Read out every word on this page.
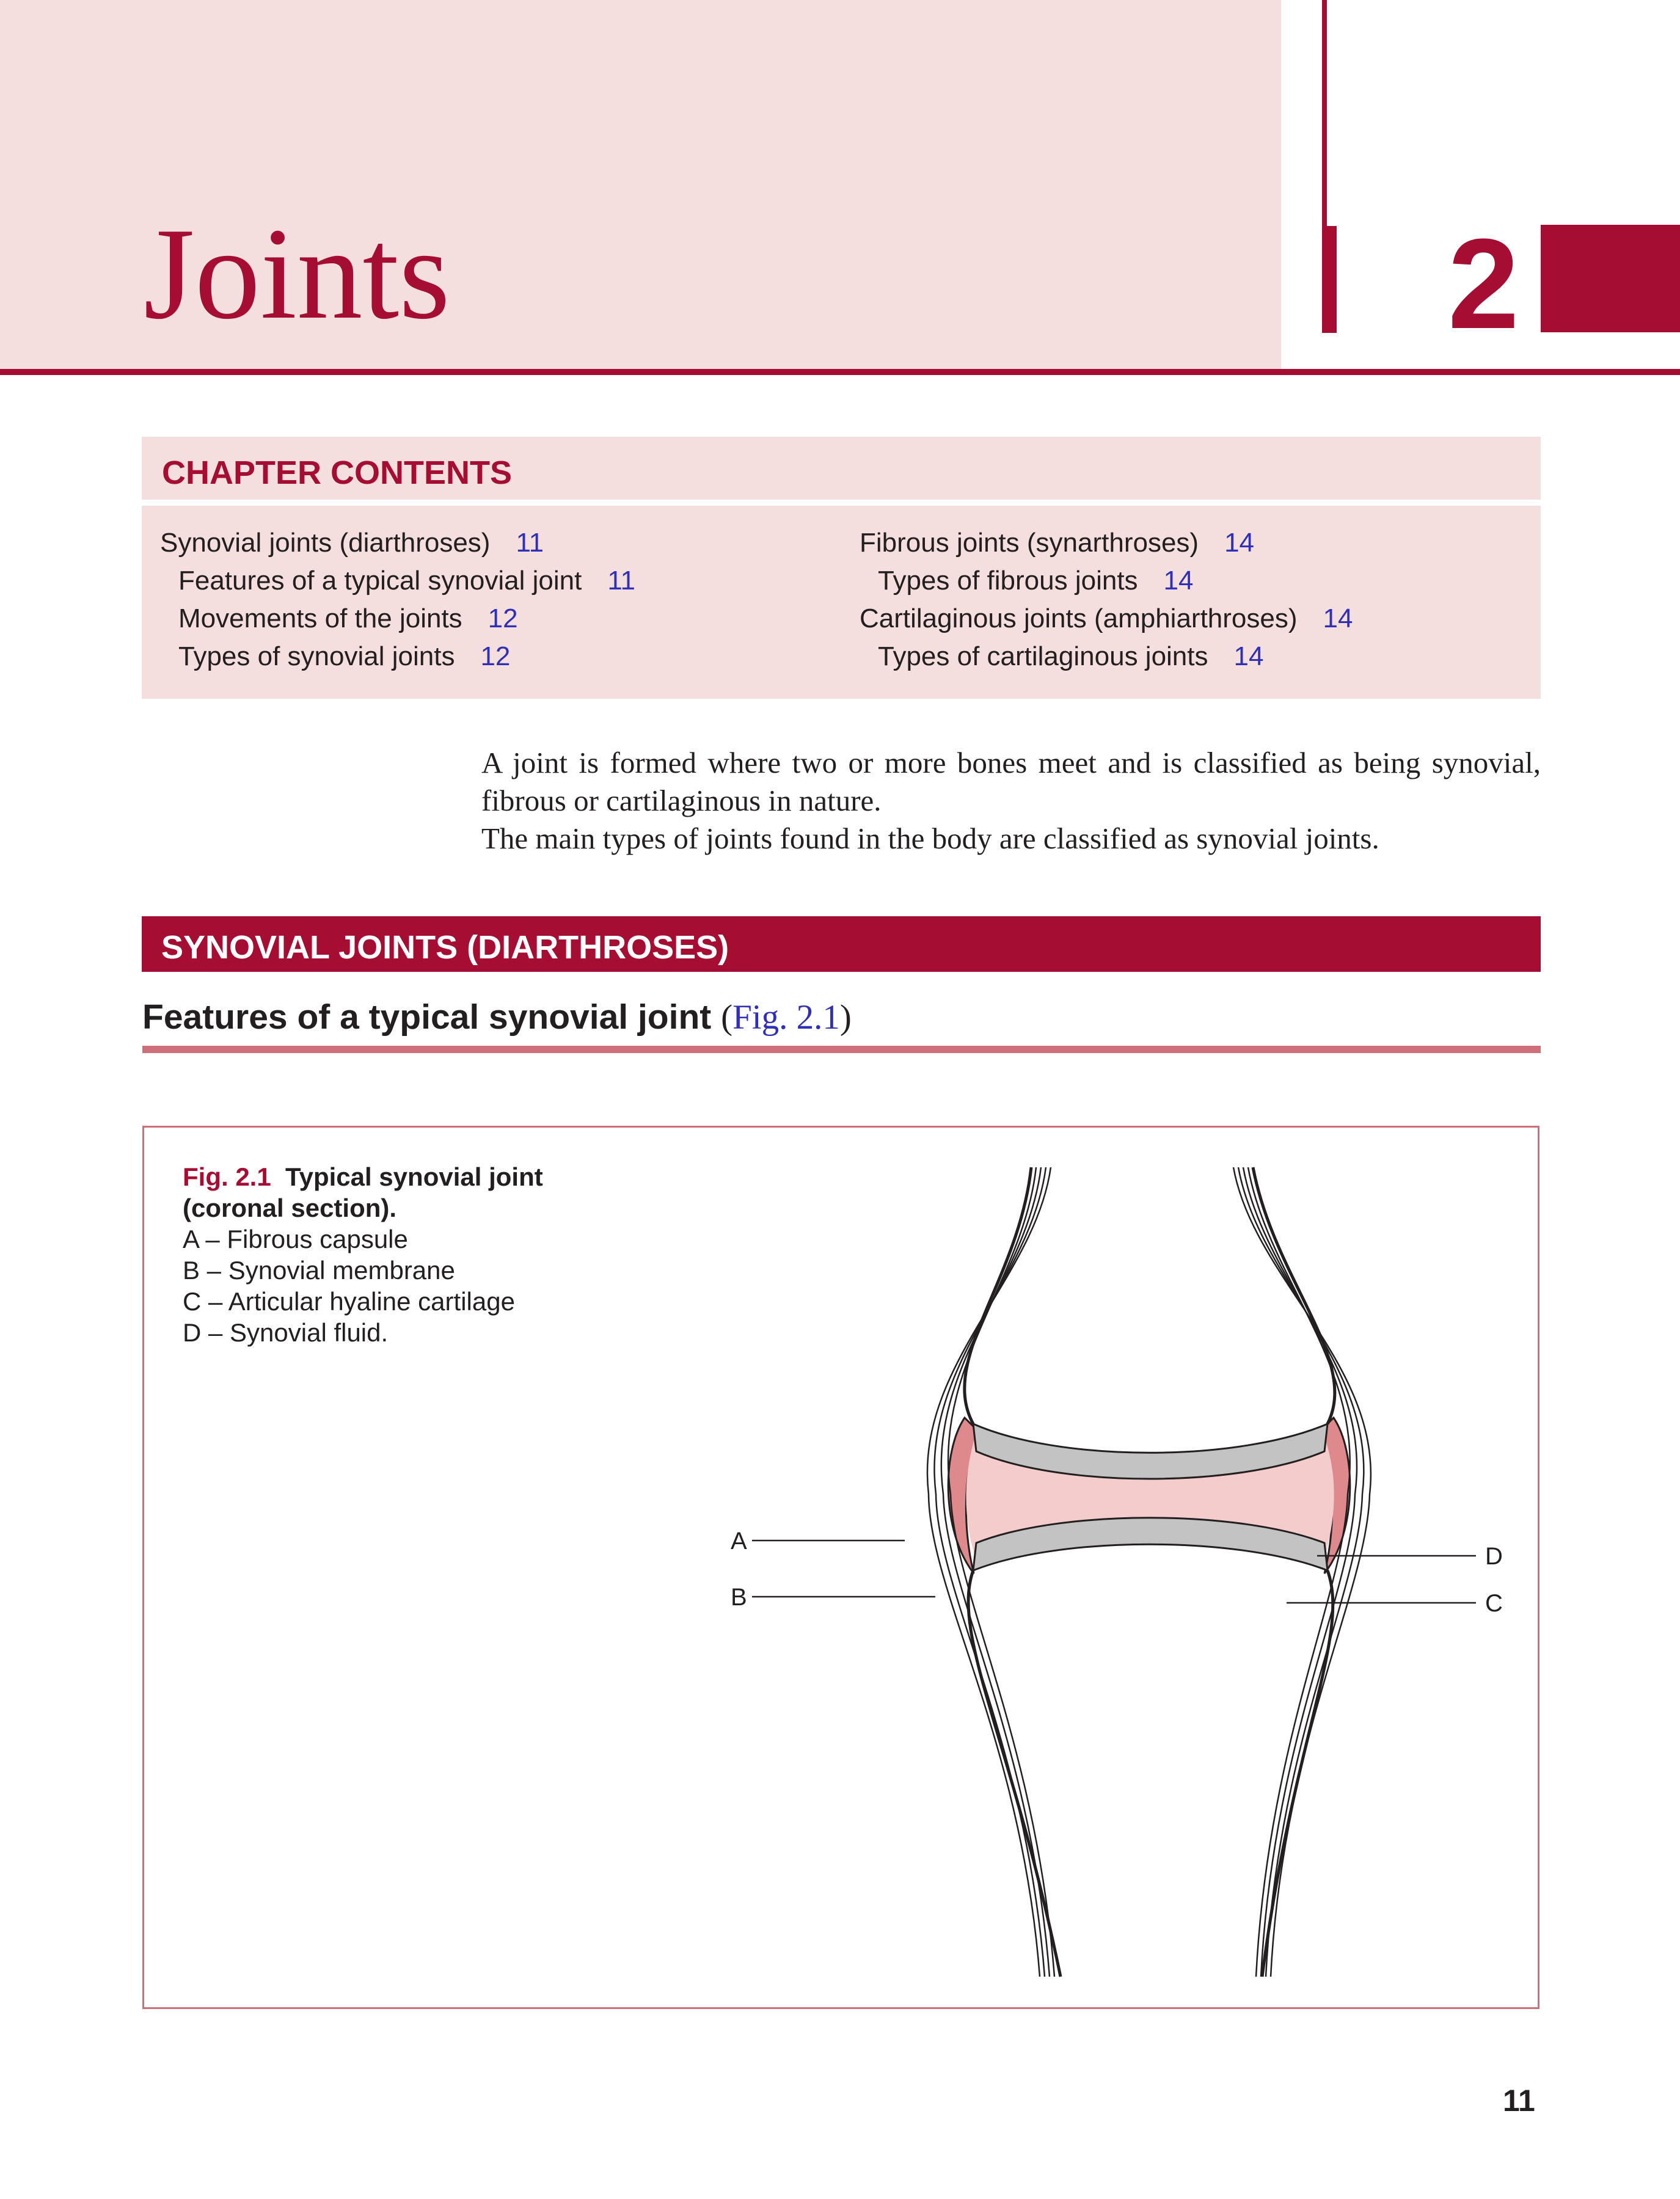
Joints	2
CHAPTER CONTENTS
Synovial joints (diarthroses) 11
Features of a typical synovial joint 11
Movements of the joints 12
Types of synovial joints 12
Fibrous joints (synarthroses) 14
Types of fibrous joints 14
Cartilaginous joints (amphiarthroses) 14
Types of cartilaginous joints 14

A joint is formed where two or more bones meet and is classified as being synovial, fibrous or cartilaginous in nature.

The main types of joints found in the body are classified as synovial joints.

SYNOVIAL JOINTS (DIARTHROSES)
Features of a typical synovial joint (Fig. 2.1)
Fig. 2.1 Typical synovial joint (coronal section).
A – Fibrous capsule
B – Synovial membrane
C – Articular hyaline cartilage
D – Synovial fluid.
A
B
D
C
11
